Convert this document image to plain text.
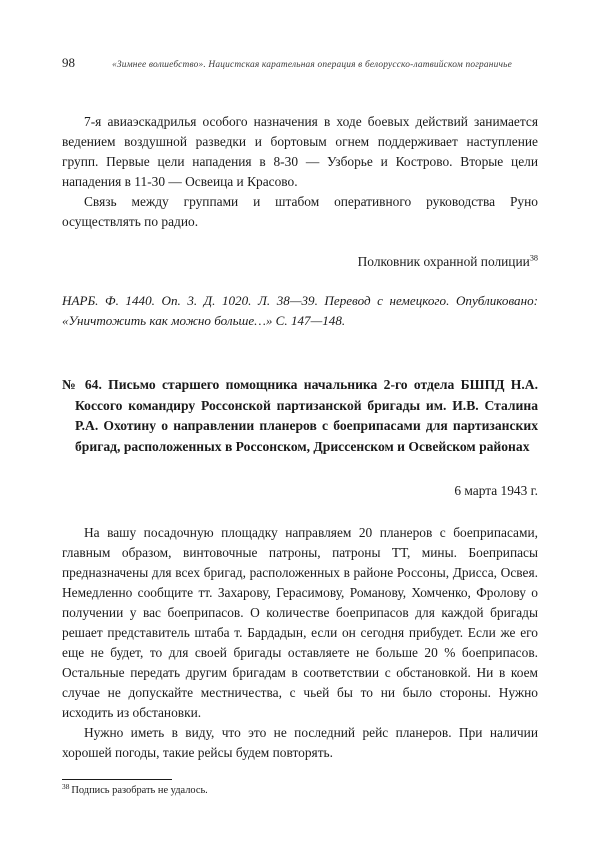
98	«Зимнее волшебство». Нацистская карательная операция в белорусско-латвийском пограничье

7-я авиаэскадрилья особого назначения в ходе боевых действий занимается ведением воздушной разведки и бортовым огнем поддерживает наступление групп. Первые цели нападения в 8-30 — Узборье и Кострово. Вторые цели нападения в 11-30 — Освеица и Красово.

Связь между группами и штабом оперативного руководства Руно осуществлять по радио.

Полковник охранной полиции$^{38}$

НАРБ. Ф. 1440. Оп. 3. Д. 1020. Л. 38—39. Перевод с немецкого. Опубликовано: «Уничтожить как можно больше…» С. 147—148.

№ 64. Письмо старшего помощника начальника 2-го отдела БШПД Н.А. Коссого командиру Россонской партизанской бригады им. И.В. Сталина Р.А. Охотину о направлении планеров с боеприпасами для партизанских бригад, расположенных в Россонском, Дриссенском и Освейском районах

6 марта 1943 г.

На вашу посадочную площадку направляем 20 планеров с боеприпасами, главным образом, винтовочные патроны, патроны ТТ, мины. Боеприпасы предназначены для всех бригад, расположенных в районе Россоны, Дрисса, Освея. Немедленно сообщите тт. Захарову, Герасимову, Романову, Хомченко, Фролову о получении у вас боеприпасов. О количестве боеприпасов для каждой бригады решает представитель штаба т. Бардадын, если он сегодня прибудет. Если же его еще не будет, то для своей бригады оставляете не больше 20 % боеприпасов. Остальные передать другим бригадам в соответствии с обстановкой. Ни в коем случае не допускайте местничества, с чьей бы то ни было стороны. Нужно исходить из обстановки.

Нужно иметь в виду, что это не последний рейс планеров. При наличии хорошей погоды, такие рейсы будем повторять.

$^{38}$ Подпись разобрать не удалось.
